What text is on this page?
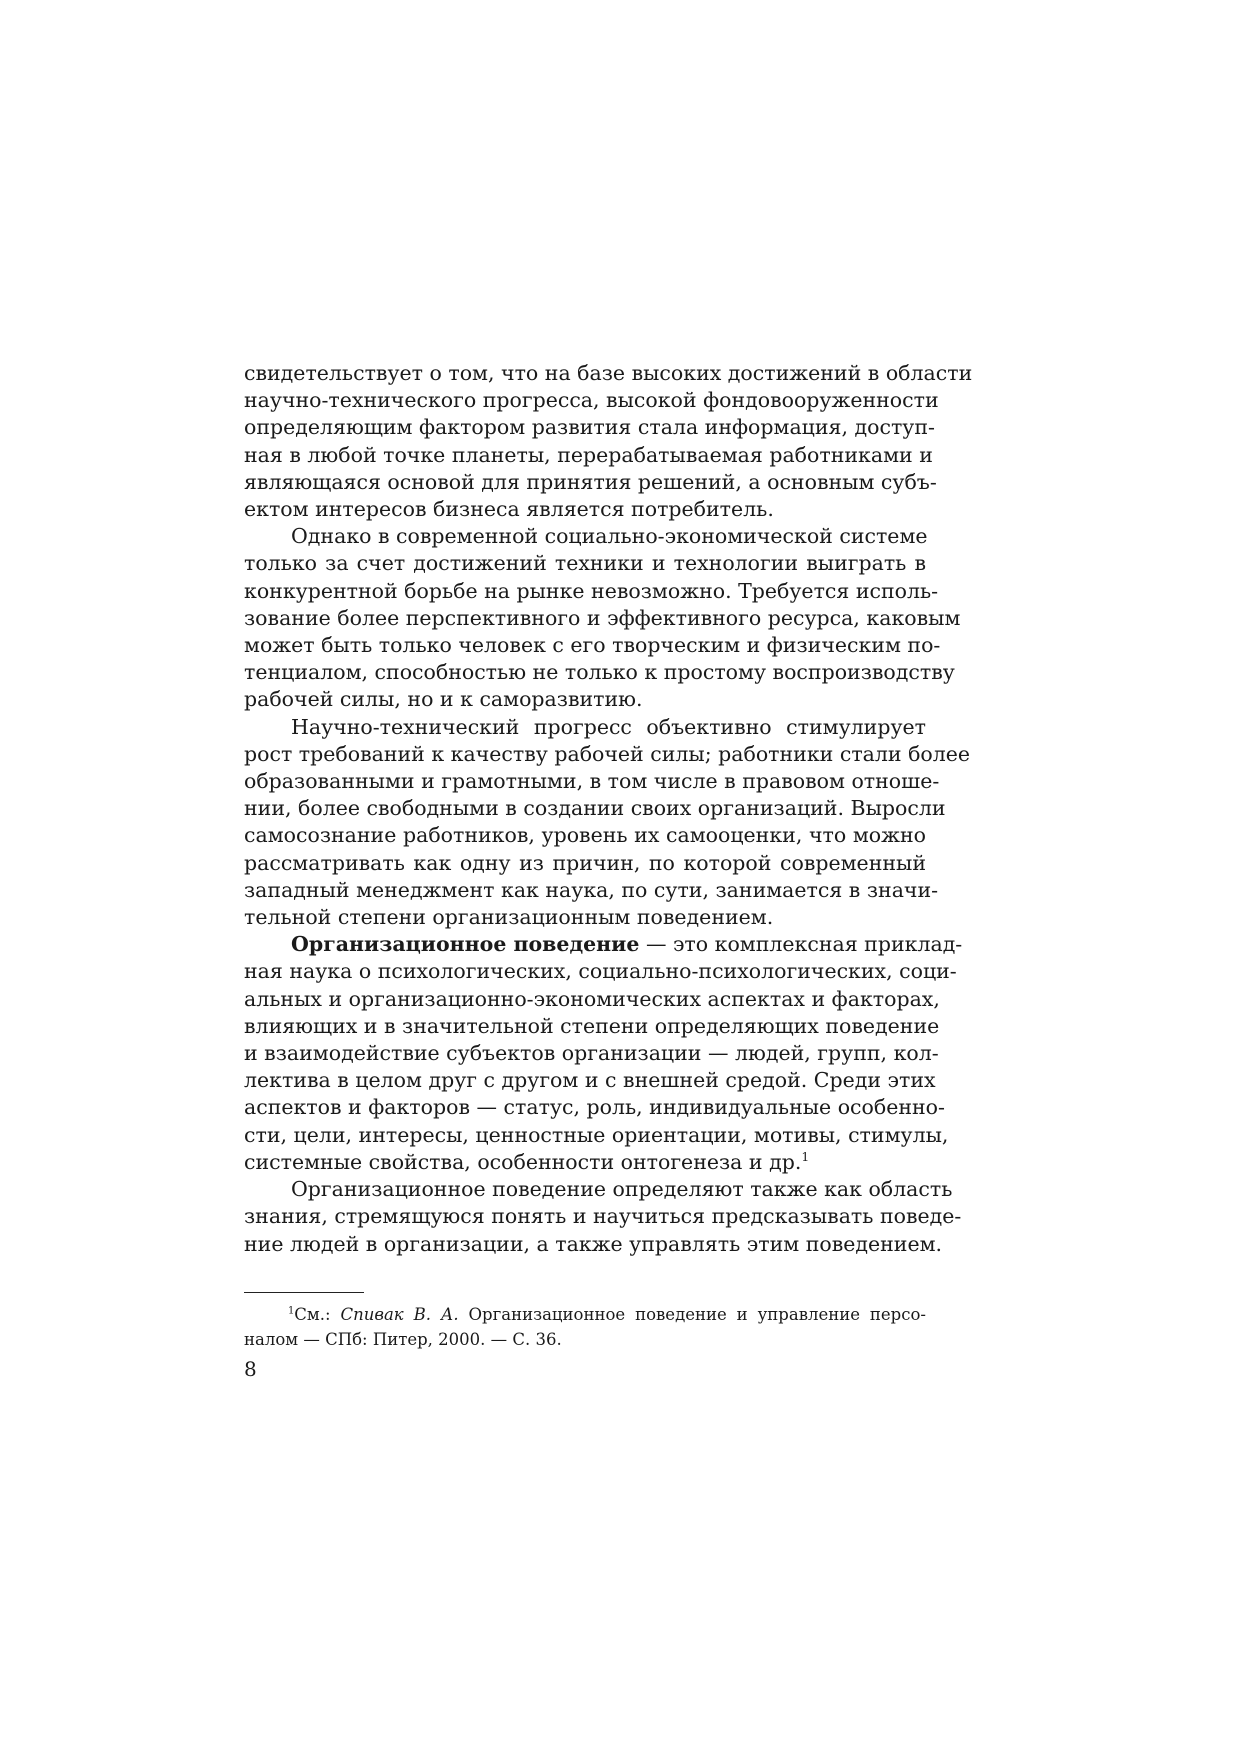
свидетельствует о том, что на базе высоких достижений в области
научно-технического прогресса, высокой фондовооруженности
определяющим фактором развития стала информация, доступ-
ная в любой точке планеты, перерабатываемая работниками и
являющаяся основой для принятия решений, а основным субъ-
ектом интересов бизнеса является потребитель.
Однако в современной социально-экономической системе
только за счет достижений техники и технологии выиграть в
конкурентной борьбе на рынке невозможно. Требуется исполь-
зование более перспективного и эффективного ресурса, каковым
может быть только человек с его творческим и физическим по-
тенциалом, способностью не только к простому воспроизводству
рабочей силы, но и к саморазвитию.
Научно-технический прогресс объективно стимулирует
рост требований к качеству рабочей силы; работники стали более
образованными и грамотными, в том числе в правовом отноше-
нии, более свободными в создании своих организаций. Выросли
самосознание работников, уровень их самооценки, что можно
рассматривать как одну из причин, по которой современный
западный менеджмент как наука, по сути, занимается в значи-
тельной степени организационным поведением.
Организационное поведение — это комплексная приклад-
ная наука о психологических, социально-психологических, соци-
альных и организационно-экономических аспектах и факторах,
влияющих и в значительной степени определяющих поведение
и взаимодействие субъектов организации — людей, групп, кол-
лектива в целом друг с другом и с внешней средой. Среди этих
аспектов и факторов — статус, роль, индивидуальные особенно-
сти, цели, интересы, ценностные ориентации, мотивы, стимулы,
системные свойства, особенности онтогенеза и др.$^1$
Организационное поведение определяют также как область
знания, стремящуюся понять и научиться предсказывать поведе-
ние людей в организации, а также управлять этим поведением.
$^1$См.: Спивак В. А. Организационное поведение и управление персо-
налом — СПб: Питер, 2000. — С. 36.
8
